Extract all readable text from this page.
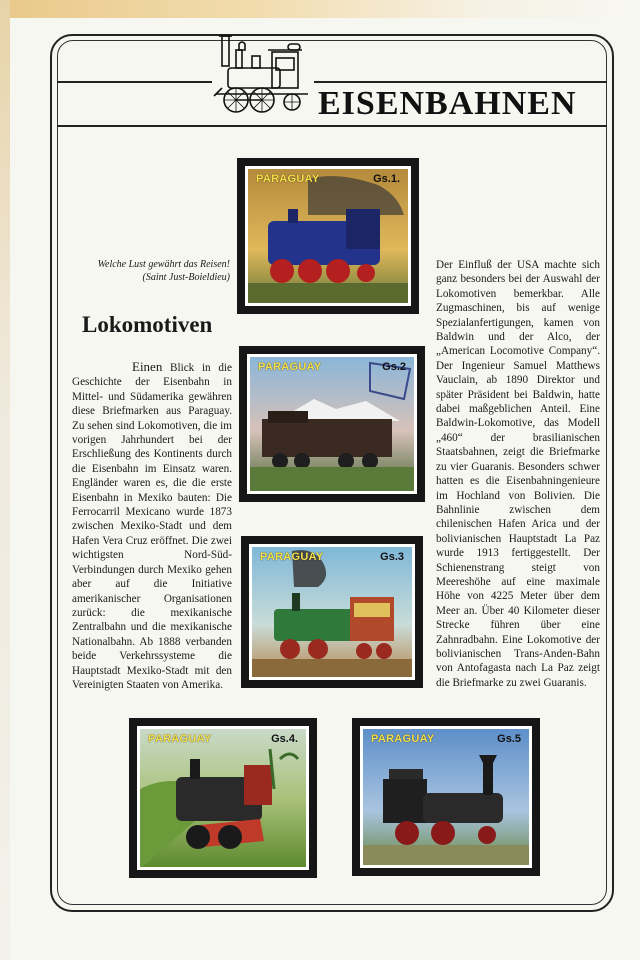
EISENBAHNEN
Welche Lust gewährt das Reisen!
(Saint Just-Boieldieu)
Lokomotiven
Einen Blick in die Geschichte der Eisenbahn in Mittel- und Südamerika gewähren diese Briefmarken aus Paraguay. Zu sehen sind Lokomotiven, die im vorigen Jahrhundert bei der Erschließung des Kontinents durch die Eisenbahn im Einsatz waren. Engländer waren es, die die erste Eisenbahn in Mexiko bauten: Die Ferrocarril Mexicano wurde 1873 zwischen Mexiko-Stadt und dem Hafen Vera Cruz eröffnet. Die zwei wichtigsten Nord-Süd-Verbindungen durch Mexiko gehen aber auf die Initiative amerikanischer Organisationen zurück: die mexikanische Zentralbahn und die mexikanische Nationalbahn. Ab 1888 verbanden beide Verkehrssysteme die Hauptstadt Mexiko-Stadt mit den Vereinigten Staaten von Amerika.
Der Einfluß der USA machte sich ganz besonders bei der Auswahl der Lokomotiven bemerkbar. Alle Zugmaschinen, bis auf wenige Spezialanfertigungen, kamen von Baldwin und der Alco, der „American Locomotive Company“. Der Ingenieur Samuel Matthews Vauclain, ab 1890 Direktor und später Präsident bei Baldwin, hatte dabei maßgeblichen Anteil. Eine Baldwin-Lokomotive, das Modell „460“ der brasilianischen Staatsbahnen, zeigt die Briefmarke zu vier Guaranis. Besonders schwer hatten es die Eisenbahningenieure im Hochland von Bolivien. Die Bahnlinie zwischen dem chilenischen Hafen Arica und der bolivianischen Hauptstadt La Paz wurde 1913 fertiggestellt. Der Schienenstrang steigt von Meereshöhe auf eine maximale Höhe von 4225 Meter über dem Meer an. Über 40 Kilometer dieser Strecke führen über eine Zahnradbahn. Eine Lokomotive der bolivianischen Trans-Anden-Bahn von Antofagasta nach La Paz zeigt die Briefmarke zu zwei Guaranis.
PARAGUAY	Gs.1.
PARAGUAY	Gs.2
PARAGUAY	Gs.3
PARAGUAY	Gs.4.	PARAGUAY	Gs.5
